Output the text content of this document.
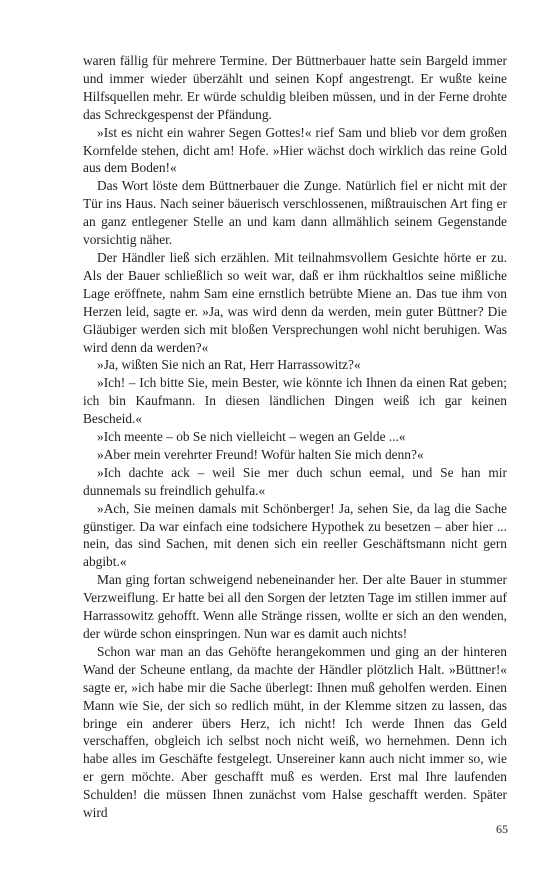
waren fällig für mehrere Termine. Der Büttnerbauer hatte sein Bargeld immer und immer wieder überzählt und seinen Kopf angestrengt. Er wußte keine Hilfsquellen mehr. Er würde schuldig bleiben müssen, und in der Ferne drohte das Schreckgespenst der Pfändung.

»Ist es nicht ein wahrer Segen Gottes!« rief Sam und blieb vor dem großen Kornfelde stehen, dicht am! Hofe. »Hier wächst doch wirklich das reine Gold aus dem Boden!«

Das Wort löste dem Büttnerbauer die Zunge. Natürlich fiel er nicht mit der Tür ins Haus. Nach seiner bäuerisch verschlossenen, mißtrauischen Art fing er an ganz entlegener Stelle an und kam dann allmählich seinem Gegenstande vorsichtig näher.

Der Händler ließ sich erzählen. Mit teilnahmsvollem Gesichte hörte er zu. Als der Bauer schließlich so weit war, daß er ihm rückhaltlos seine mißliche Lage eröffnete, nahm Sam eine ernstlich betrübte Miene an. Das tue ihm von Herzen leid, sagte er. »Ja, was wird denn da werden, mein guter Büttner? Die Gläubiger werden sich mit bloßen Versprechungen wohl nicht beruhigen. Was wird denn da werden?«

»Ja, wißten Sie nich an Rat, Herr Harrassowitz?«

»Ich! – Ich bitte Sie, mein Bester, wie könnte ich Ihnen da einen Rat geben; ich bin Kaufmann. In diesen ländlichen Dingen weiß ich gar keinen Bescheid.«

»Ich meente – ob Se nich vielleicht – wegen an Gelde ...«

»Aber mein verehrter Freund! Wofür halten Sie mich denn?«

»Ich dachte ack – weil Sie mer duch schun eemal, und Se han mir dunnemals su freindlich gehulfa.«

»Ach, Sie meinen damals mit Schönberger! Ja, sehen Sie, da lag die Sache günstiger. Da war einfach eine todsichere Hypothek zu besetzen – aber hier ... nein, das sind Sachen, mit denen sich ein reeller Geschäftsmann nicht gern abgibt.«

Man ging fortan schweigend nebeneinander her. Der alte Bauer in stummer Verzweiflung. Er hatte bei all den Sorgen der letzten Tage im stillen immer auf Harrassowitz gehofft. Wenn alle Stränge rissen, wollte er sich an den wenden, der würde schon einspringen. Nun war es damit auch nichts!

Schon war man an das Gehöfte herangekommen und ging an der hinteren Wand der Scheune entlang, da machte der Händler plötzlich Halt. »Büttner!« sagte er, »ich habe mir die Sache überlegt: Ihnen muß geholfen werden. Einen Mann wie Sie, der sich so redlich müht, in der Klemme sitzen zu lassen, das bringe ein anderer übers Herz, ich nicht! Ich werde Ihnen das Geld verschaffen, obgleich ich selbst noch nicht weiß, wo hernehmen. Denn ich habe alles im Geschäfte festgelegt. Unsereiner kann auch nicht immer so, wie er gern möchte. Aber geschafft muß es werden. Erst mal Ihre laufenden Schulden! die müssen Ihnen zunächst vom Halse geschafft werden. Später wird

65
